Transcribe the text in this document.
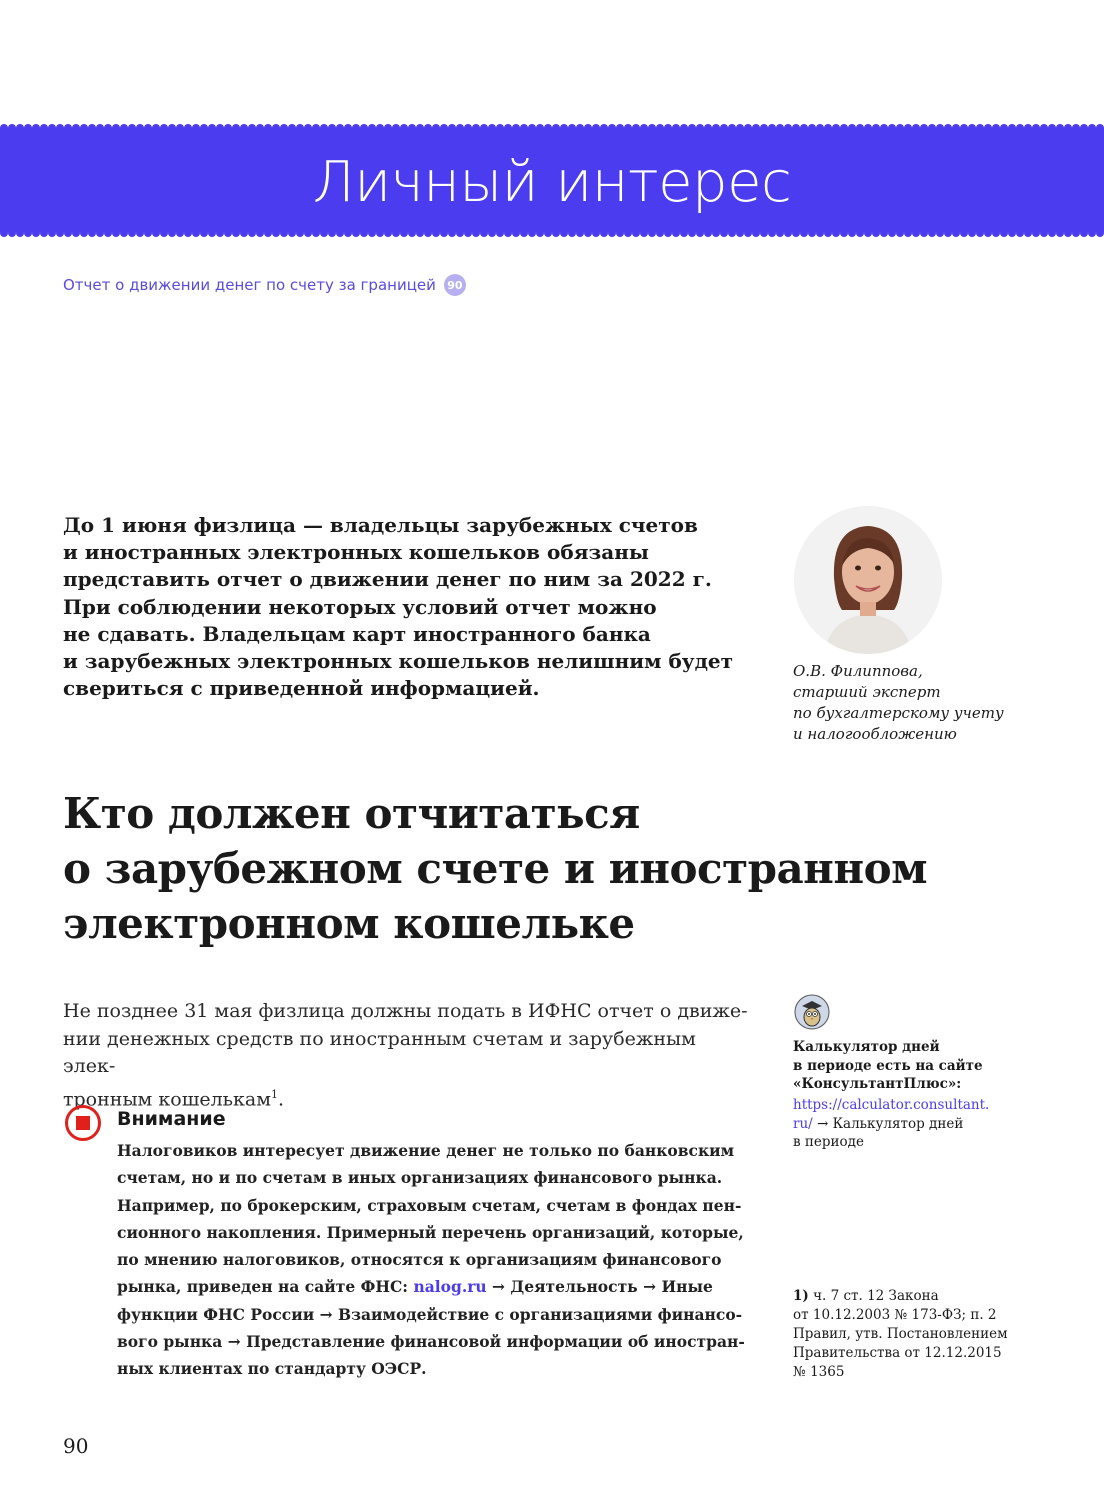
Личный интерес
Отчет о движении денег по счету за границей	90

До 1 июня физлица — владельцы зарубежных счетов
и иностранных электронных кошельков обязаны
представить отчет о движении денег по ним за 2022 г.
При соблюдении некоторых условий отчет можно
не сдавать. Владельцам карт иностранного банка
и зарубежных электронных кошельков нелишним будет
свериться с приведенной информацией.

О.В. Филиппова,
старший эксперт
по бухгалтерскому учету
и налогообложению

Кто должен отчитаться
о зарубежном счете и иностранном
электронном кошельке

Не позднее 31 мая физлица должны подать в ИФНС отчет о движе-
нии денежных средств по иностранным счетам и зарубежным элек-
тронным кошелькам$^1$.

Внимание

Налоговиков интересует движение денег не только по банковским
счетам, но и по счетам в иных организациях финансового рынка.
Например, по брокерским, страховым счетам, счетам в фондах пен-
сионного накопления. Примерный перечень организаций, которые,
по мнению налоговиков, относятся к организациям финансового
рынка, приведен на сайте ФНС: nalog.ru → Деятельность → Иные
функции ФНС России → Взаимодействие с организациями финансо-
вого рынка → Представление финансовой информации об иностран-
ных клиентах по стандарту ОЭСР.

Калькулятор дней
в периоде есть на сайте
«КонсультантПлюс»:

https://calculator.consultant.
ru/ → Калькулятор дней
в периоде

1) ч. 7 ст. 12 Закона
от 10.12.2003 № 173-ФЗ; п. 2
Правил, утв. Постановлением
Правительства от 12.12.2015
№ 1365

90
